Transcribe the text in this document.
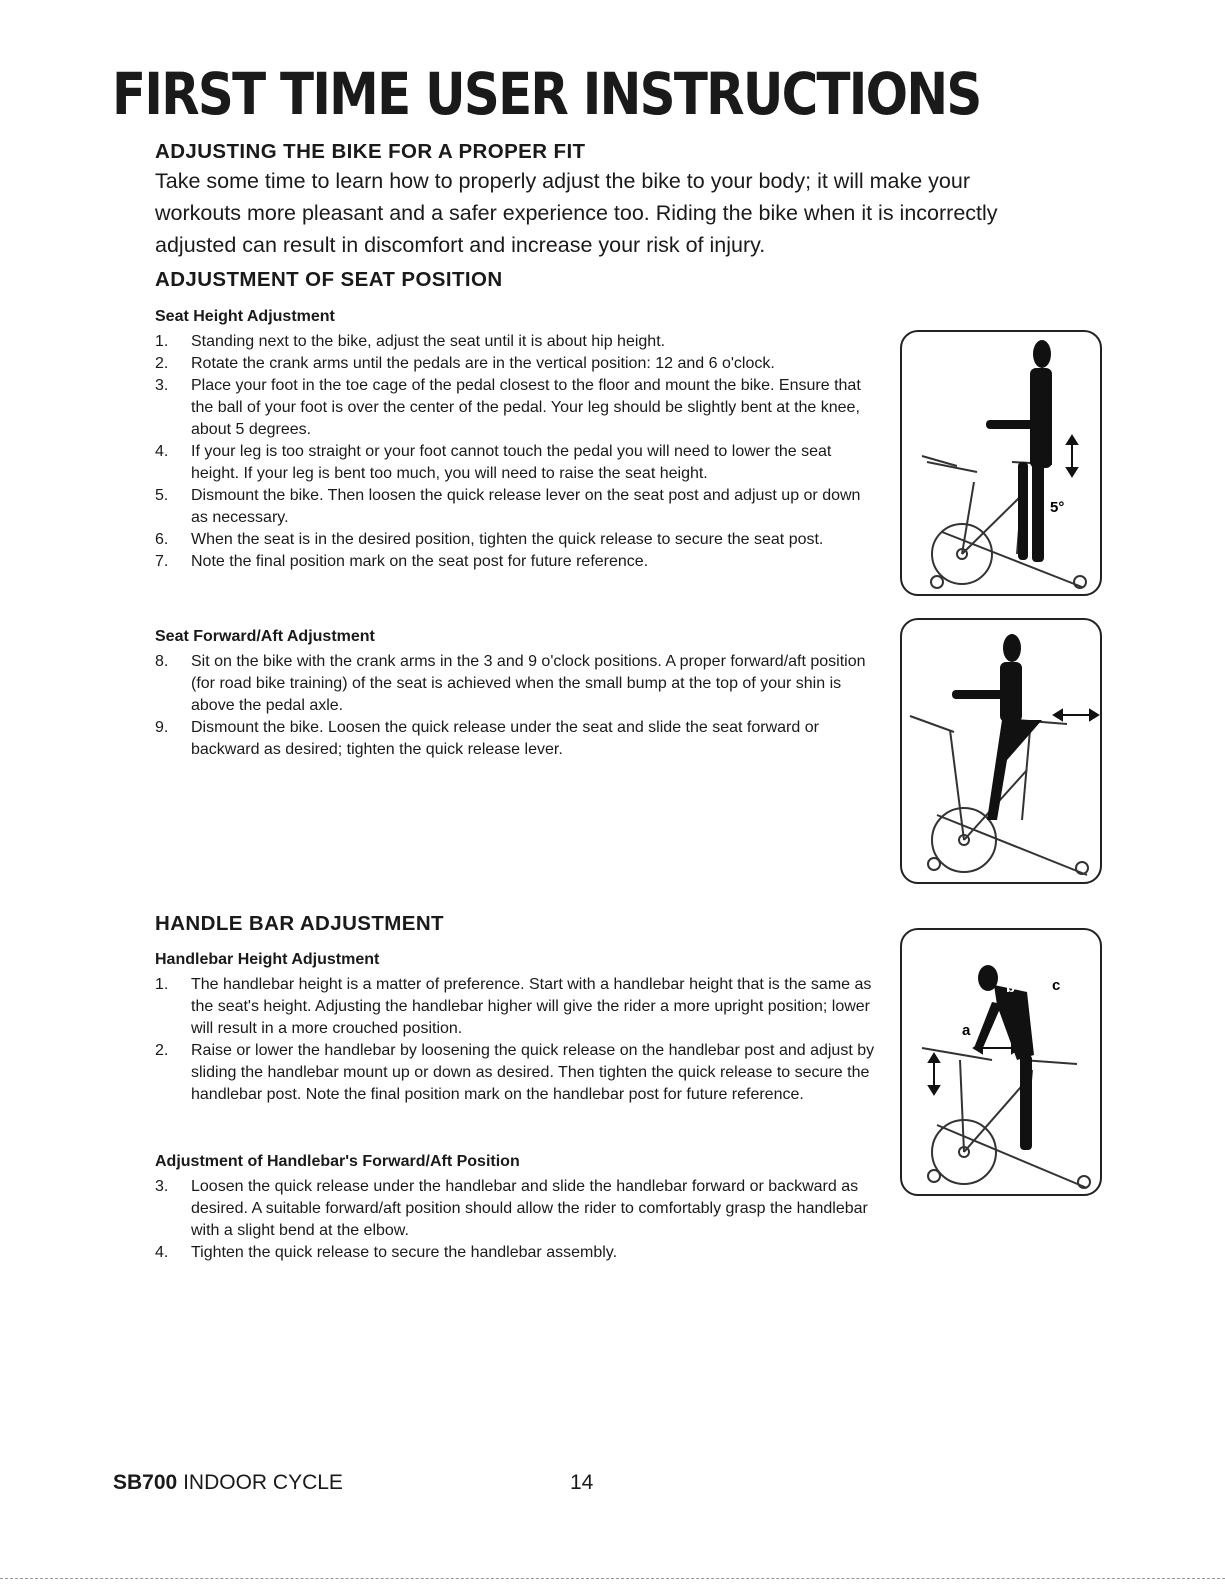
FIRST TIME USER INSTRUCTIONS
ADJUSTING THE BIKE FOR A PROPER FIT

Take some time to learn how to properly adjust the bike to your body; it will make your workouts more pleasant and a safer experience too. Riding the bike when it is incorrectly adjusted can result in discomfort and increase your risk of injury.

ADJUSTMENT OF SEAT POSITION
Seat Height Adjustment
1.	Standing next to the bike, adjust the seat until it is about hip height.
2.	Rotate the crank arms until the pedals are in the vertical position: 12 and 6 o'clock.
3.	Place your foot in the toe cage of the pedal closest to the floor and mount the bike. Ensure that the ball of your foot is over the center of the pedal. Your leg should be slightly bent at the knee, about 5 degrees.
4.	If your leg is too straight or your foot cannot touch the pedal you will need to lower the seat height. If your leg is bent too much, you will need to raise the seat height.
5.	Dismount the bike. Then loosen the quick release lever on the seat post and adjust up or down as necessary.
6.	When the seat is in the desired position, tighten the quick release to secure the seat post.
7.	Note the final position mark on the seat post for future reference.
Seat Forward/Aft Adjustment
8.	Sit on the bike with the crank arms in the 3 and 9 o'clock positions. A proper forward/aft position (for road bike training) of the seat is achieved when the small bump at the top of your shin is above the pedal axle.
9.	Dismount the bike. Loosen the quick release under the seat and slide the seat forward or backward as desired; tighten the quick release lever.
HANDLE BAR ADJUSTMENT
Handlebar Height Adjustment
1.	The handlebar height is a matter of preference. Start with a handlebar height that is the same as the seat's height. Adjusting the handlebar higher will give the rider a more upright position; lower will result in a more crouched position.
2.	Raise or lower the handlebar by loosening the quick release on the handlebar post and adjust by sliding the handlebar mount up or down as desired. Then tighten the quick release to secure the handlebar post. Note the final position mark on the handlebar post for future reference.
Adjustment of Handlebar's Forward/Aft Position
3.	Loosen the quick release under the handlebar and slide the handlebar forward or backward as desired. A suitable forward/aft position should allow the rider to comfortably grasp the handlebar with a slight bend at the elbow.
4.	Tighten the quick release to secure the handlebar assembly.
5°
a
b c

SB700 INDOOR CYCLE	14
